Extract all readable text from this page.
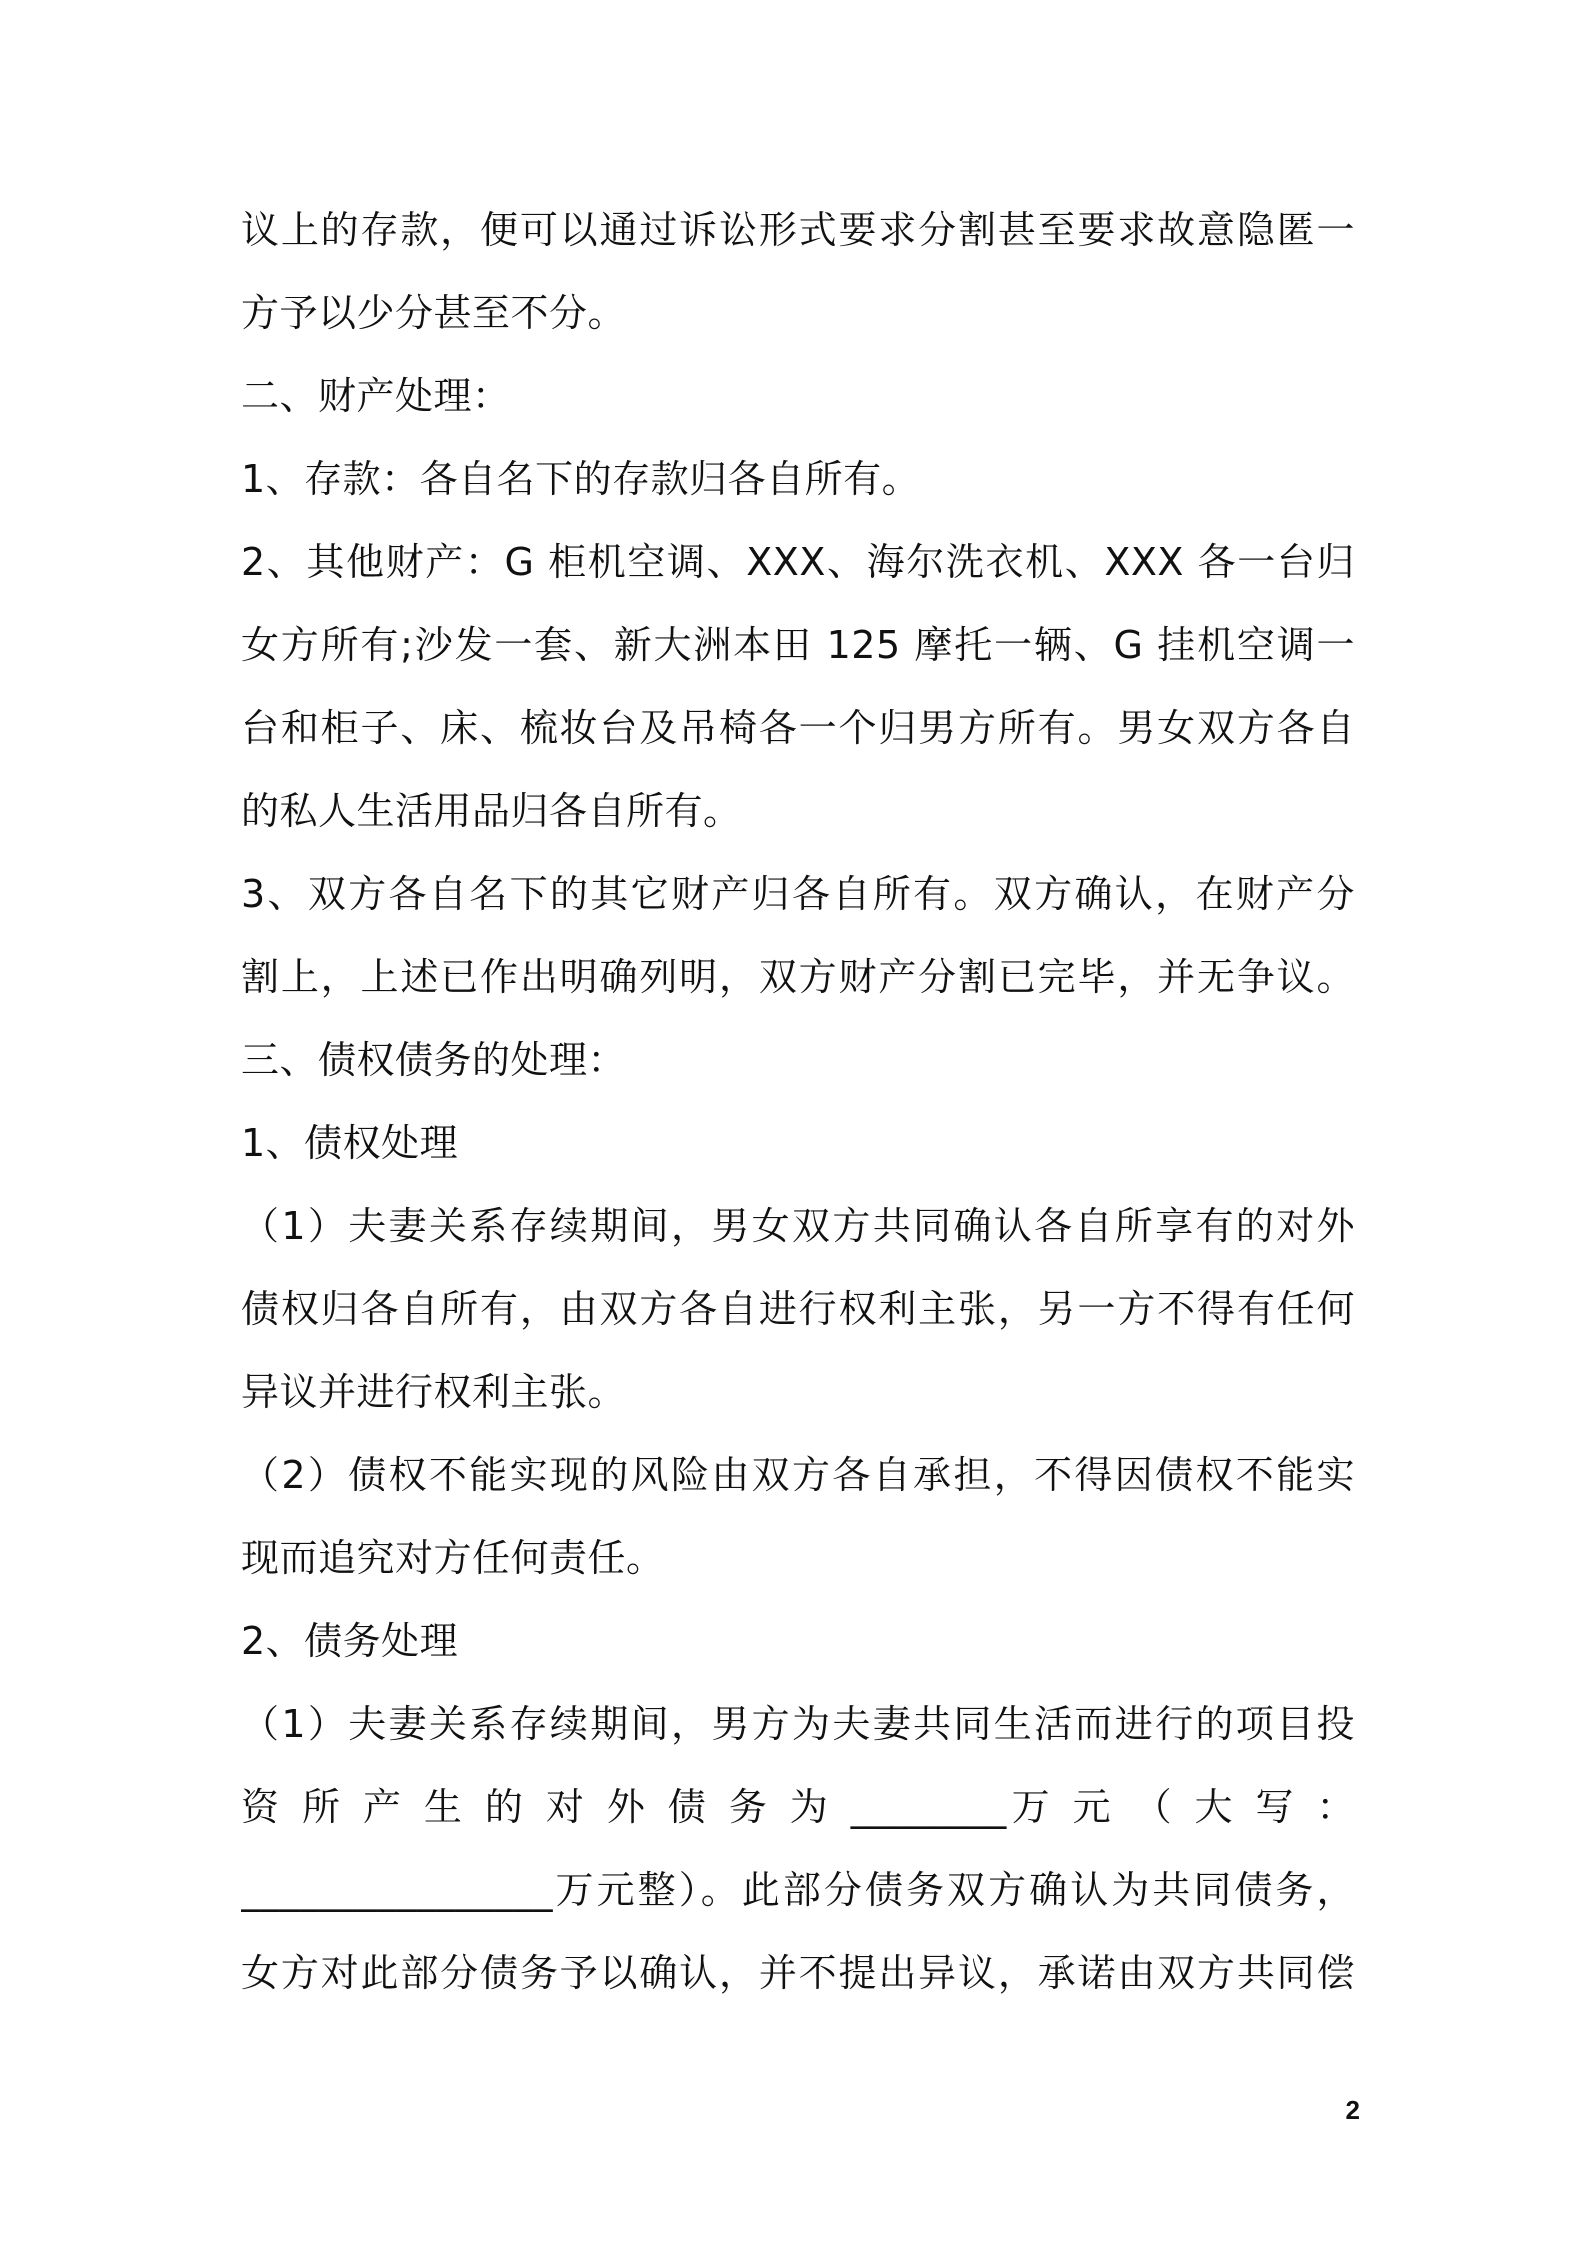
议上的存款，便可以通过诉讼形式要求分割甚至要求故意隐匿一
方予以少分甚至不分。
二、财产处理：
1、存款：各自名下的存款归各自所有。
2、其他财产：G 柜机空调、XXX、海尔洗衣机、XXX 各一台归
女方所有;沙发一套、新大洲本田 125 摩托一辆、G 挂机空调一
台和柜子、床、梳妆台及吊椅各一个归男方所有。男女双方各自
的私人生活用品归各自所有。
3、双方各自名下的其它财产归各自所有。双方确认，在财产分
割上，上述已作出明确列明，双方财产分割已完毕，并无争议。
三、债权债务的处理：
1、债权处理
（1）夫妻关系存续期间，男女双方共同确认各自所享有的对外
债权归各自所有，由双方各自进行权利主张，另一方不得有任何
异议并进行权利主张。
（2）债权不能实现的风险由双方各自承担，不得因债权不能实
现而追究对方任何责任。
2、债务处理
（1）夫妻关系存续期间，男方为夫妻共同生活而进行的项目投
资 所 产 生 的 对 外 债 务 为 ________万 元 （ 大 写 ：
________________万元整）。此部分债务双方确认为共同债务，
女方对此部分债务予以确认，并不提出异议，承诺由双方共同偿
2
